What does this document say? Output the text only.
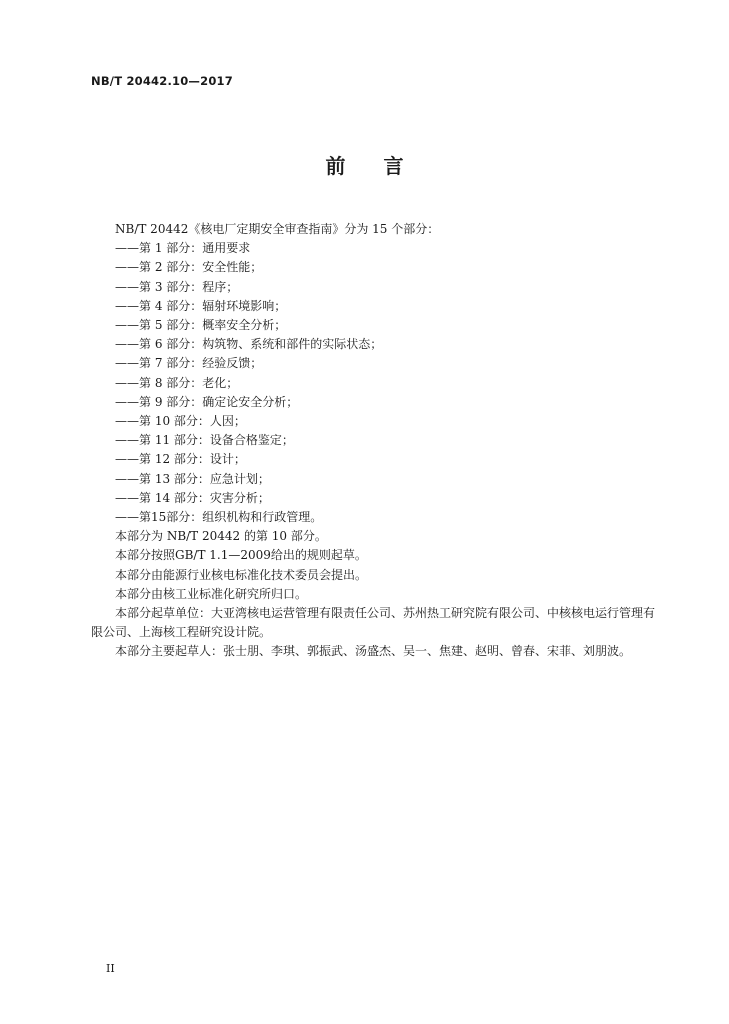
NB/T 20442.10—2017
前 言

NB/T 20442《核电厂定期安全审查指南》分为 15 个部分：

——第 1 部分：通用要求

——第 2 部分：安全性能；

——第 3 部分：程序；

——第 4 部分：辐射环境影响；

——第 5 部分：概率安全分析；

——第 6 部分：构筑物、系统和部件的实际状态；

——第 7 部分：经验反馈；

——第 8 部分：老化；

——第 9 部分：确定论安全分析；

——第 10 部分：人因；

——第 11 部分：设备合格鉴定；

——第 12 部分：设计；

——第 13 部分：应急计划；

——第 14 部分：灾害分析；

——第15部分：组织机构和行政管理。

本部分为 NB/T 20442 的第 10 部分。

本部分按照GB/T 1.1—2009给出的规则起草。

本部分由能源行业核电标准化技术委员会提出。

本部分由核工业标准化研究所归口。

本部分起草单位：大亚湾核电运营管理有限责任公司、苏州热工研究院有限公司、中核核电运行管理有限公司、上海核工程研究设计院。

本部分主要起草人：张士朋、李琪、郭振武、汤盛杰、吴一、焦建、赵明、曾春、宋菲、刘朋波。

II
